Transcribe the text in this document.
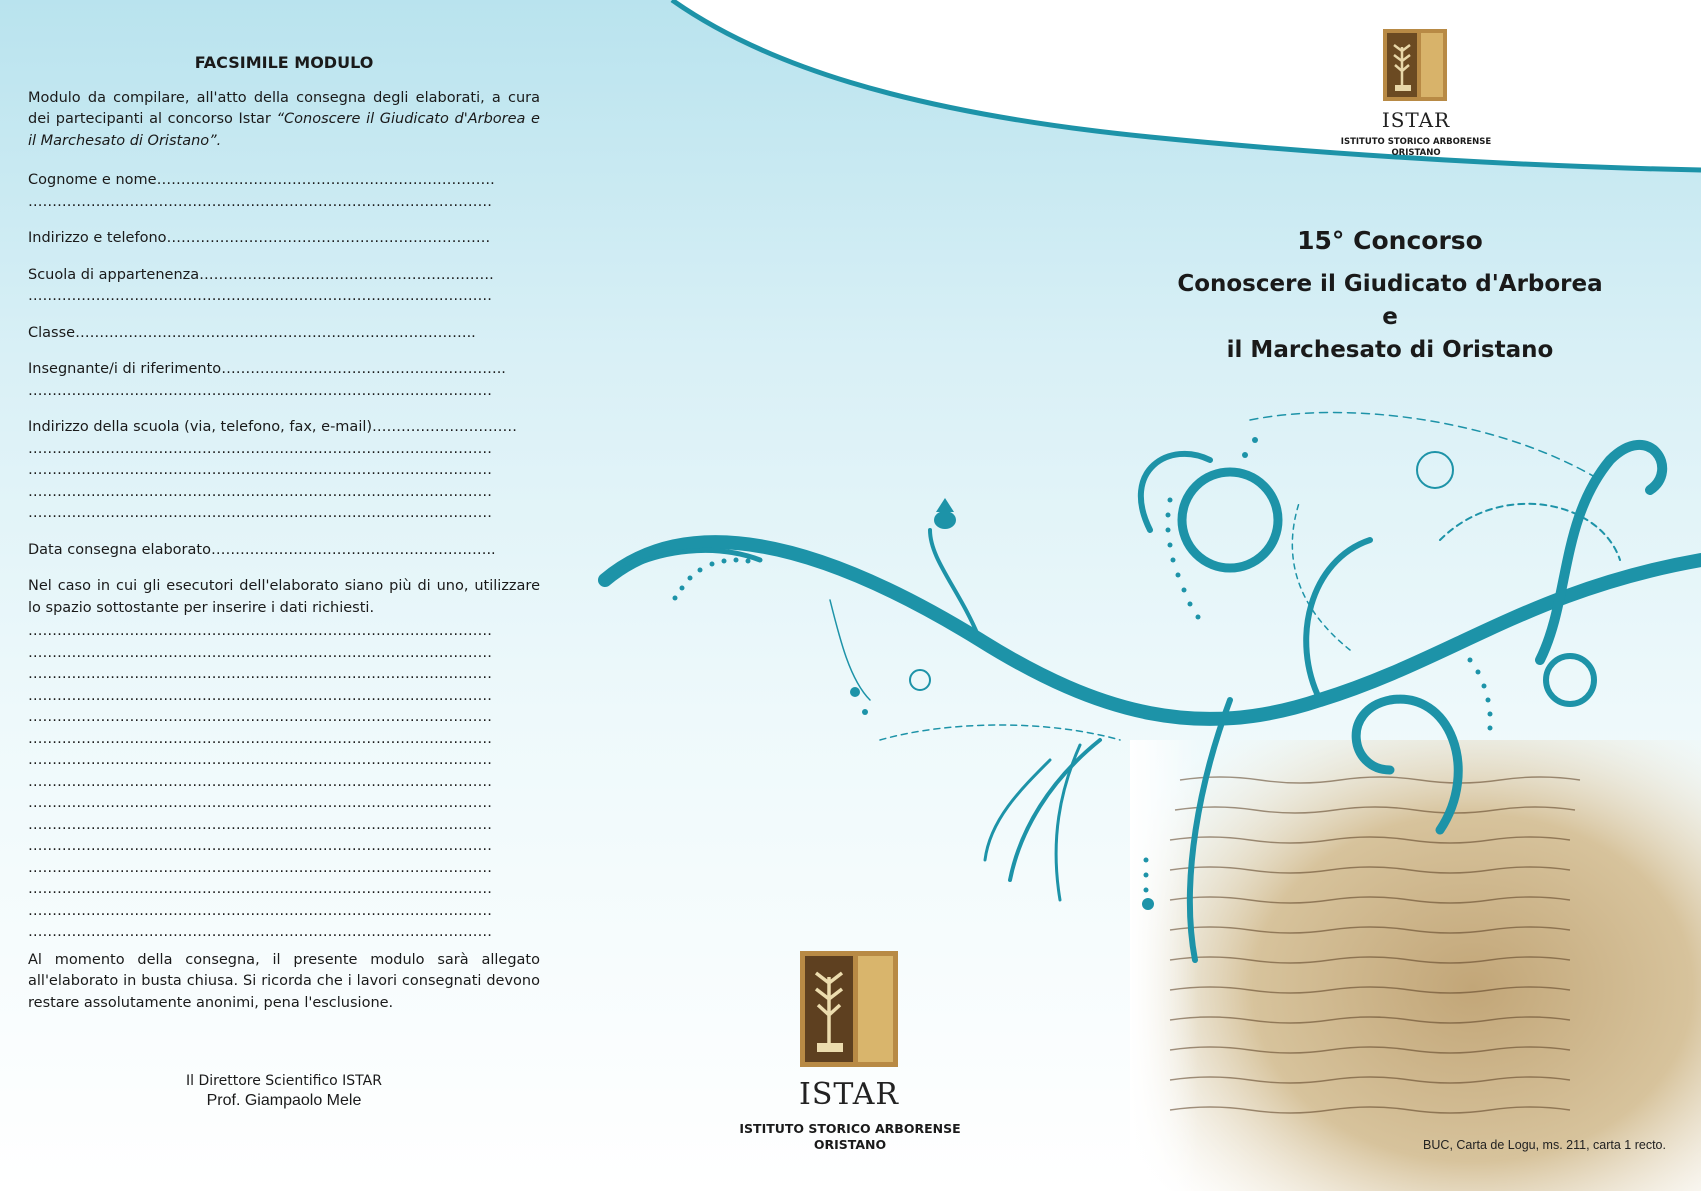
FACSIMILE MODULO
Modulo da compilare, all'atto della consegna degli elaborati, a cura dei partecipanti al concorso Istar “Conoscere il Giudicato d'Arborea e il Marchesato di Oristano”.
Cognome e nome …………………………………………………………….
……………………………………………………………………………………
Indirizzo e telefono ………………………………………………………….
Scuola di appartenenza …………………………………………………….
……………………………………………………………………………………
Classe ………………………………………………………………………..
Insegnante/i di riferimento …………………………………………………..
……………………………………………………………………………………
Indirizzo della scuola (via, telefono, fax, e-mail) …………………………
……………………………………………………………………………………
……………………………………………………………………………………
……………………………………………………………………………………
……………………………………………………………………………………
Data consegna elaborato …………………………………………………..
Nel caso in cui gli esecutori dell'elaborato siano più di uno, utilizzare lo spazio sottostante per inserire i dati richiesti.
……………………………………………………………………………………
……………………………………………………………………………………
……………………………………………………………………………………
……………………………………………………………………………………
……………………………………………………………………………………
……………………………………………………………………………………
……………………………………………………………………………………
……………………………………………………………………………………
……………………………………………………………………………………
……………………………………………………………………………………
……………………………………………………………………………………
……………………………………………………………………………………
……………………………………………………………………………………
……………………………………………………………………………………
……………………………………………………………………………………
Al momento della consegna, il presente modulo sarà allegato all'elaborato in busta chiusa. Si ricorda che i lavori consegnati devono restare assolutamente anonimi, pena l'esclusione.
Il Direttore Scientifico ISTAR
Prof. Giampaolo Mele
ISTAR
ISTITUTO STORICO ARBORENSE
ORISTANO
15° Concorso
Conoscere il Giudicato d'Arborea
e
il Marchesato di Oristano
ISTAR
ISTITUTO STORICO ARBORENSE
ORISTANO	BUC, Carta de Logu, ms. 211, carta 1 recto.
